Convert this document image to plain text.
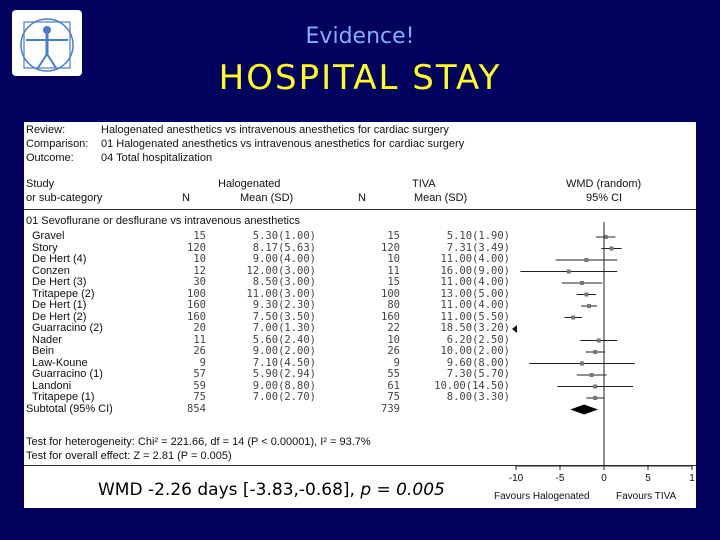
Evidence!
HOSPITAL STAY
Review:	Halogenated anesthetics vs intravenous anesthetics for cardiac surgery
Comparison: 01 Halogenated anesthetics vs intravenous anesthetics for cardiac surgery
Outcome: 04 Total hospitalization
Study
or sub-category
Halogenated
N	Mean (SD)
TIVA
N	Mean (SD)
WMD (random)
95% CI
01 Sevoflurane or desflurane vs intravenous anesthetics
Gravel	15	5.30(1.00)	15	5.10(1.90)
Story	120	8.17(5.63)	120	7.31(3.49)
De Hert (4)	10	9.00(4.00)	10	11.00(4.00)
Conzen	12	12.00(3.00)	11	16.00(9.00)
De Hert (3)	30	8.50(3.00)	15	11.00(4.00)
Tritapepe (2)	100	11.00(3.00)	100	13.00(5.00)
De Hert (1)	160	9.30(2.30)	80	11.00(4.00)
De Hert (2)	160	7.50(3.50)	160	11.00(5.50)
Guarracino (2)	20	7.00(1.30)	22	18.50(3.20)
Nader	11	5.60(2.40)	10	6.20(2.50)
Bein	26	9.00(2.00)	26	10.00(2.00)
Law-Koune	9	7.10(4.50)	9	9.60(8.00)
Guarracino (1)	57	5.90(2.94)	55	7.30(5.70)
Landoni	59	9.00(8.80)	61	10.00(14.50)
Tritapepe (1)	75	7.00(2.70)	75	8.00(3.30)
Subtotal (95% CI)	854	739
Test for heterogeneity: Chi² = 221.66, df = 14 (P < 0.00001), I² = 93.7%
Test for overall effect: Z = 2.81 (P = 0.005)
-10	-5	0	5	1
Favours Halogenated	Favours TIVA
WMD -2.26 days [-3.83,-0.68], p = 0.005
